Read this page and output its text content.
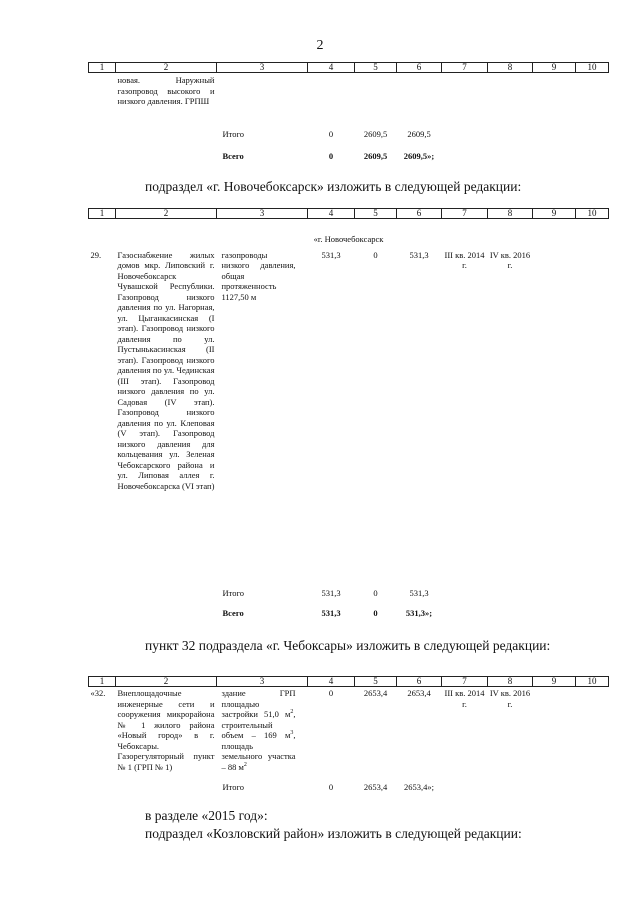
2
1	2	3	4	5	6	7	8	9	10
	новая. Наружный газопровод высокого и низкого давления. ГРПШ								
		Итого	0	2609,5	2609,5				
		Всего	0	2609,5	2609,5»;				
подраздел «г. Новочебоксарск» изложить в следующей редакции:
1	2	3	4	5	6	7	8	9	10
«г. Новочебоксарск									
29.	Газоснабжение жилых домов мкр. Липовский г. Новочебоксарск Чувашской Республики. Газопровод низкого давления по ул. Нагорная, ул. Цыганкасинская (I этап). Газопровод низкого давления по ул. Пустынькасинская (II этап). Газопровод низкого давления по ул. Чединская (III этап). Газопровод низкого давления по ул. Садовая (IV этап). Газопровод низкого давления по ул. Клеповая (V этап). Газопровод низкого давления для кольцевания ул. Зеленая Чебоксарского района и ул. Липовая аллея г. Новочебоксарска (VI этап)	газопроводы низкого давления, общая протяженность 1127,50 м	531,3	0	531,3	III кв. 2014 г.	IV кв. 2016 г.		
		Итого	531,3	0	531,3				
		Всего	531,3	0	531,3»;				
пункт 32 подраздела «г. Чебоксары» изложить в следующей редакции:
1	2	3	4	5	6	7	8	9	10
«32.	Внеплощадочные инженерные сети и сооружения микрорайона № 1 жилого района «Новый город» в г. Чебоксары. Газорегуляторный пункт № 1 (ГРП № 1)	здание ГРП площадью застройки 51,0 $м^2$, строительный объем – 169 $м^3$, площадь земельного участка – 88 $м^2$	0	2653,4	2653,4	III кв. 2014 г.	IV кв. 2016 г.		
		Итого	0	2653,4	2653,4»;				
в разделе «2015 год»:
подраздел «Козловский район» изложить в следующей редакции:
